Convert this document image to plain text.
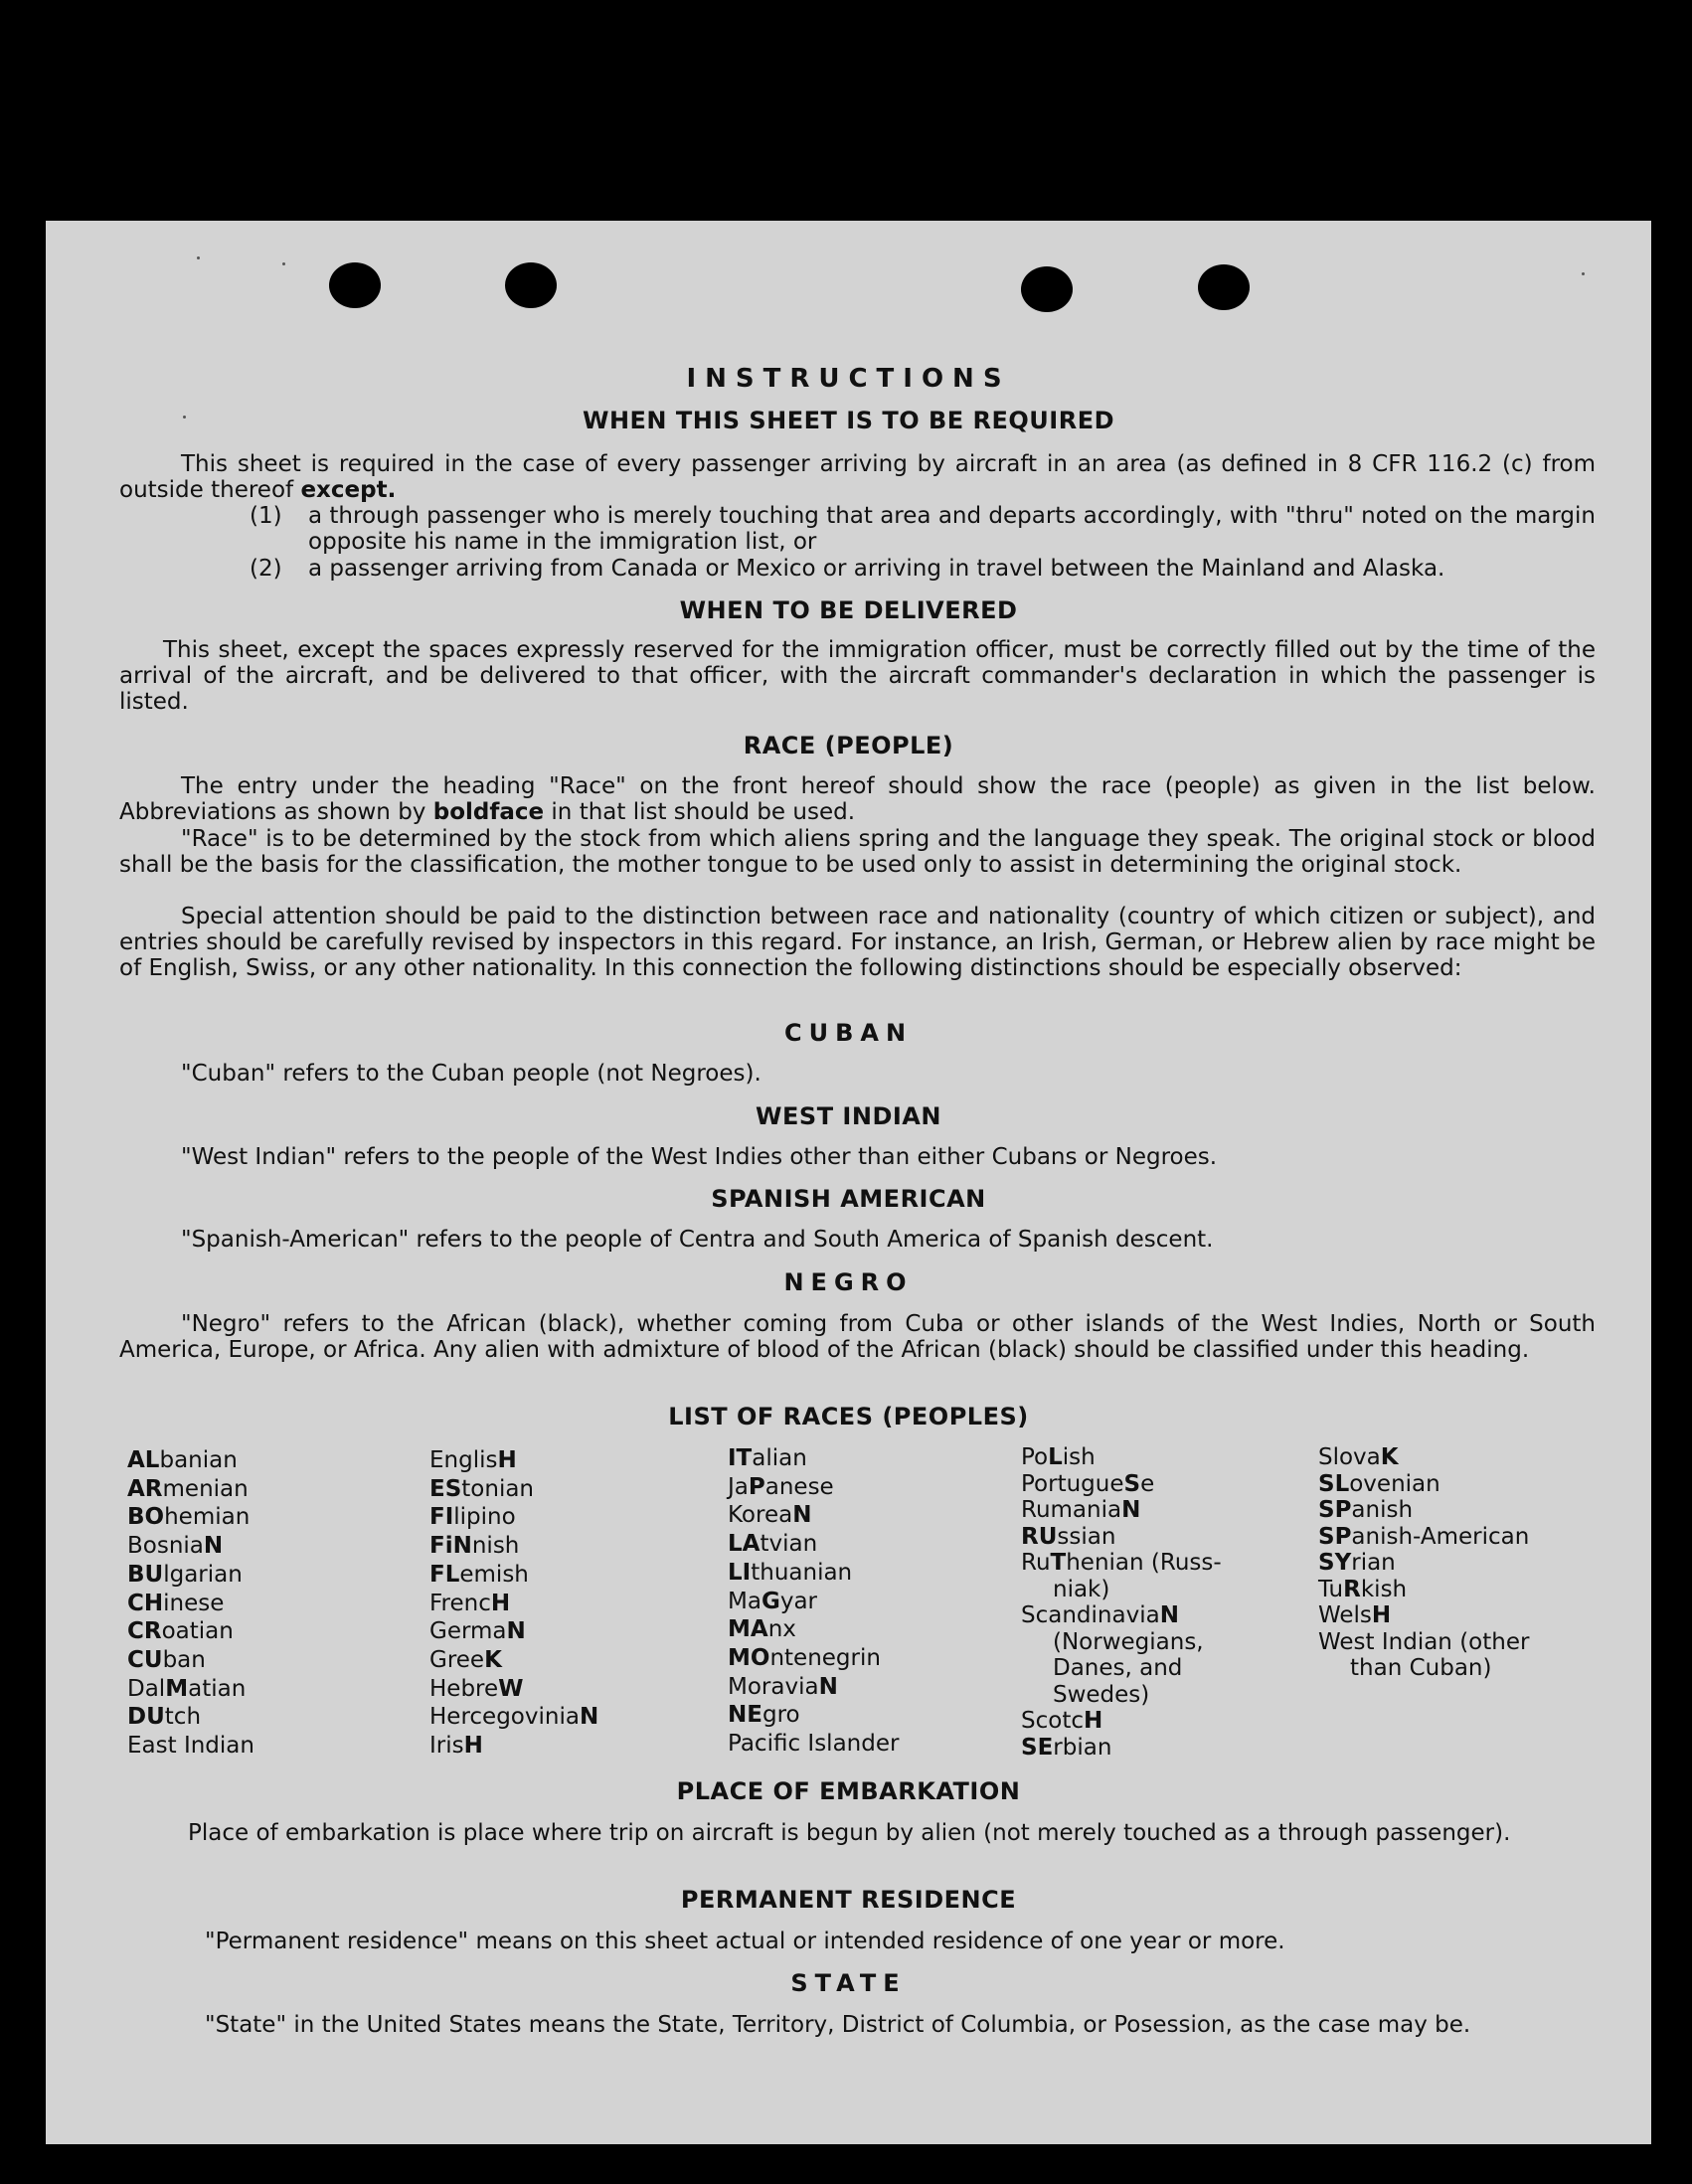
INSTRUCTIONS
WHEN THIS SHEET IS TO BE REQUIRED

This sheet is required in the case of every passenger arriving by aircraft in an area (as defined in 8 CFR 116.2 (c) from outside thereof except.

(1) a through passenger who is merely touching that area and departs accordingly, with "thru" noted on the margin opposite his name in the immigration list, or

(2) a passenger arriving from Canada or Mexico or arriving in travel between the Mainland and Alaska.

WHEN TO BE DELIVERED

This sheet, except the spaces expressly reserved for the immigration officer, must be correctly filled out by the time of the arrival of the aircraft, and be delivered to that officer, with the aircraft commander's declaration in which the passenger is listed.

RACE (PEOPLE)

The entry under the heading "Race" on the front hereof should show the race (people) as given in the list below. Abbreviations as shown by boldface in that list should be used.

"Race" is to be determined by the stock from which aliens spring and the language they speak. The original stock or blood shall be the basis for the classification, the mother tongue to be used only to assist in determining the original stock.

Special attention should be paid to the distinction between race and nationality (country of which citizen or subject), and entries should be carefully revised by inspectors in this regard. For instance, an Irish, German, or Hebrew alien by race might be of English, Swiss, or any other nationality. In this connection the following distinctions should be especially observed:

CUBAN
"Cuban" refers to the Cuban people (not Negroes).
WEST INDIAN
"West Indian" refers to the people of the West Indies other than either Cubans or Negroes.
SPANISH AMERICAN
"Spanish-American" refers to the people of Centra and South America of Spanish descent.
NEGRO

"Negro" refers to the African (black), whether coming from Cuba or other islands of the West Indies, North or South America, Europe, or Africa. Any alien with admixture of blood of the African (black) should be classified under this heading.

LIST OF RACES (PEOPLES)
ALbanian
ARmenian
BOhemian
BosniaN
BUlgarian
CHinese
CRoatian
CUban
DalMatian
DUtch
East Indian
EnglisH
EStonian
FIlipino
FiNnish
FLemish
FrencH
GermaN
GreeK
HebreW
HercegoviniaN
IrisH
ITalian
JaPanese
KoreaN
LAtvian
LIthuanian
MaGyar
MAnx
MOntenegrin
MoraviaN
NEgro
Pacific Islander
PoLish
PortugueSe
RumaniaN
RUssian
RuThenian (Russ-
niak)
ScandinaviaN
(Norwegians,
Danes, and
Swedes)
ScotcH
SErbian
SlovaK
SLovenian
SPanish
SPanish-American
SYrian
TuRkish
WelsH
West Indian (other
than Cuban)
PLACE OF EMBARKATION

Place of embarkation is place where trip on aircraft is begun by alien (not merely touched as a through passenger).

PERMANENT RESIDENCE
"Permanent residence" means on this sheet actual or intended residence of one year or more.
STATE

"State" in the United States means the State, Territory, District of Columbia, or Posession, as the case may be.
